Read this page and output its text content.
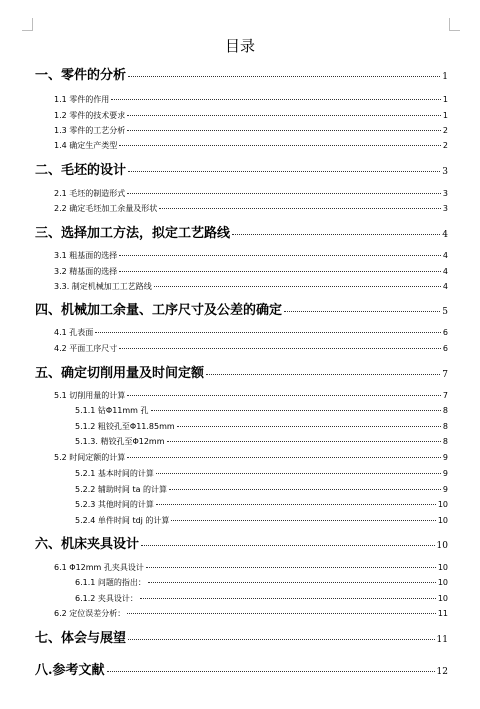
目录
一、零件的分析	1
1.1 零件的作用	1
1.2 零件的技术要求	1
1.3 零件的工艺分析	2
1.4 确定生产类型	2
二、毛坯的设计	3
2.1 毛坯的制造形式	3
2.2 确定毛坯加工余量及形状	3
三、选择加工方法，拟定工艺路线	4
3.1 粗基面的选择	4
3.2 精基面的选择	4
3.3. 制定机械加工工艺路线	4
四、机械加工余量、工序尺寸及公差的确定	5
4.1 孔表面	6
4.2 平面工序尺寸	6
五、确定切削用量及时间定额	7
5.1 切削用量的计算	7
5.1.1 钻Φ11mm 孔	8
5.1.2 粗铰孔至Φ11.85mm	8
5.1.3. 精铰孔至Φ12mm	8
5.2 时间定额的计算	9
5.2.1 基本时间的计算	9
5.2.2 辅助时间 ta 的计算	9
5.2.3 其他时间的计算	10
5.2.4 单件时间 tdj 的计算	10
六、机床夹具设计	10
6.1 Φ12mm 孔夹具设计	10
6.1.1 问题的指出：	10
6.1.2 夹具设计：	10
6.2 定位误差分析：	11
七、体会与展望	11
八.参考文献	12
